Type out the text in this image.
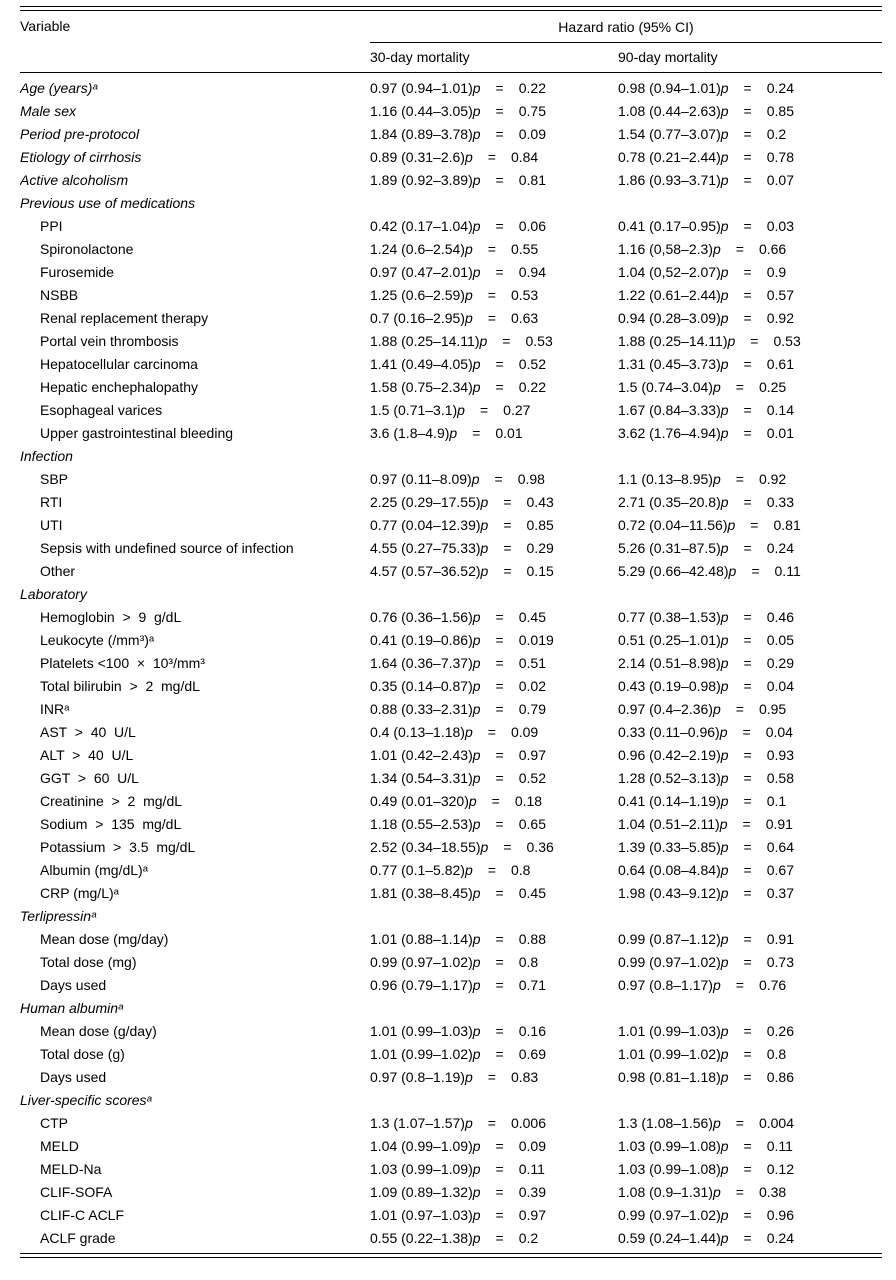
Variable	Hazard ratio (95% CI)
30-day mortality	90-day mortality
Age (years)ᵃ	0.97 (0.94–1.01)p = 0.22	0.98 (0.94–1.01)p = 0.24
Male sex	1.16 (0.44–3.05)p = 0.75	1.08 (0.44–2.63)p = 0.85
Period pre-protocol	1.84 (0.89–3.78)p = 0.09	1.54 (0.77–3.07)p = 0.2
Etiology of cirrhosis	0.89 (0.31–2.6)p = 0.84	0.78 (0.21–2.44)p = 0.78
Active alcoholism	1.89 (0.92–3.89)p = 0.81	1.86 (0.93–3.71)p = 0.07
Previous use of medications
PPI	0.42 (0.17–1.04)p = 0.06	0.41 (0.17–0.95)p = 0.03
Spironolactone	1.24 (0.6–2.54)p = 0.55	1.16 (0,58–2.3)p = 0.66
Furosemide	0.97 (0.47–2.01)p = 0.94	1.04 (0,52–2.07)p = 0.9
NSBB	1.25 (0.6–2.59)p = 0.53	1.22 (0.61–2.44)p = 0.57
Renal replacement therapy	0.7 (0.16–2.95)p = 0.63	0.94 (0.28–3.09)p = 0.92
Portal vein thrombosis	1.88 (0.25–14.11)p = 0.53	1.88 (0.25–14.11)p = 0.53
Hepatocellular carcinoma	1.41 (0.49–4.05)p = 0.52	1.31 (0.45–3.73)p = 0.61
Hepatic enchephalopathy	1.58 (0.75–2.34)p = 0.22	1.5 (0.74–3.04)p = 0.25
Esophageal varices	1.5 (0.71–3.1)p = 0.27	1.67 (0.84–3.33)p = 0.14
Upper gastrointestinal bleeding	3.6 (1.8–4.9)p = 0.01	3.62 (1.76–4.94)p = 0.01
Infection
SBP	0.97 (0.11–8.09)p = 0.98	1.1 (0.13–8.95)p = 0.92
RTI	2.25 (0.29–17.55)p = 0.43	2.71 (0.35–20.8)p = 0.33
UTI	0.77 (0.04–12.39)p = 0.85	0.72 (0.04–11.56)p = 0.81
Sepsis with undefined source of infection	4.55 (0.27–75.33)p = 0.29	5.26 (0.31–87.5)p = 0.24
Other	4.57 (0.57–36.52)p = 0.15	5.29 (0.66–42.48)p = 0.11
Laboratory
Hemoglobin  >  9  g/dL	0.76 (0.36–1.56)p = 0.45	0.77 (0.38–1.53)p = 0.46
Leukocyte (/mm³)ᵃ	0.41 (0.19–0.86)p = 0.019	0.51 (0.25–1.01)p = 0.05
Platelets <100  ×  10³/mm³	1.64 (0.36–7.37)p = 0.51	2.14 (0.51–8.98)p = 0.29
Total bilirubin  >  2  mg/dL	0.35 (0.14–0.87)p = 0.02	0.43 (0.19–0.98)p = 0.04
INRᵃ	0.88 (0.33–2.31)p = 0.79	0.97 (0.4–2.36)p = 0.95
AST  >  40  U/L	0.4 (0.13–1.18)p = 0.09	0.33 (0.11–0.96)p = 0.04
ALT  >  40  U/L	1.01 (0.42–2.43)p = 0.97	0.96 (0.42–2.19)p = 0.93
GGT  >  60  U/L	1.34 (0.54–3.31)p = 0.52	1.28 (0.52–3.13)p = 0.58
Creatinine  >  2  mg/dL	0.49 (0.01–320)p = 0.18	0.41 (0.14–1.19)p = 0.1
Sodium  >  135  mg/dL	1.18 (0.55–2.53)p = 0.65	1.04 (0.51–2.11)p = 0.91
Potassium  >  3.5  mg/dL	2.52 (0.34–18.55)p = 0.36	1.39 (0.33–5.85)p = 0.64
Albumin (mg/dL)ᵃ	0.77 (0.1–5.82)p = 0.8	0.64 (0.08–4.84)p = 0.67
CRP (mg/L)ᵃ	1.81 (0.38–8.45)p = 0.45	1.98 (0.43–9.12)p = 0.37
Terlipressinᵃ
Mean dose (mg/day)	1.01 (0.88–1.14)p = 0.88	0.99 (0.87–1.12)p = 0.91
Total dose (mg)	0.99 (0.97–1.02)p = 0.8	0.99 (0.97–1.02)p = 0.73
Days used	0.96 (0.79–1.17)p = 0.71	0.97 (0.8–1.17)p = 0.76
Human albuminᵃ
Mean dose (g/day)	1.01 (0.99–1.03)p = 0.16	1.01 (0.99–1.03)p = 0.26
Total dose (g)	1.01 (0.99–1.02)p = 0.69	1.01 (0.99–1.02)p = 0.8
Days used	0.97 (0.8–1.19)p = 0.83	0.98 (0.81–1.18)p = 0.86
Liver-specific scoresᵃ
CTP	1.3 (1.07–1.57)p = 0.006	1.3 (1.08–1.56)p = 0.004
MELD	1.04 (0.99–1.09)p = 0.09	1.03 (0.99–1.08)p = 0.11
MELD-Na	1.03 (0.99–1.09)p = 0.11	1.03 (0.99–1.08)p = 0.12
CLIF-SOFA	1.09 (0.89–1.32)p = 0.39	1.08 (0.9–1.31)p = 0.38
CLIF-C ACLF	1.01 (0.97–1.03)p = 0.97	0.99 (0.97–1.02)p = 0.96
ACLF grade	0.55 (0.22–1.38)p = 0.2	0.59 (0.24–1.44)p = 0.24
